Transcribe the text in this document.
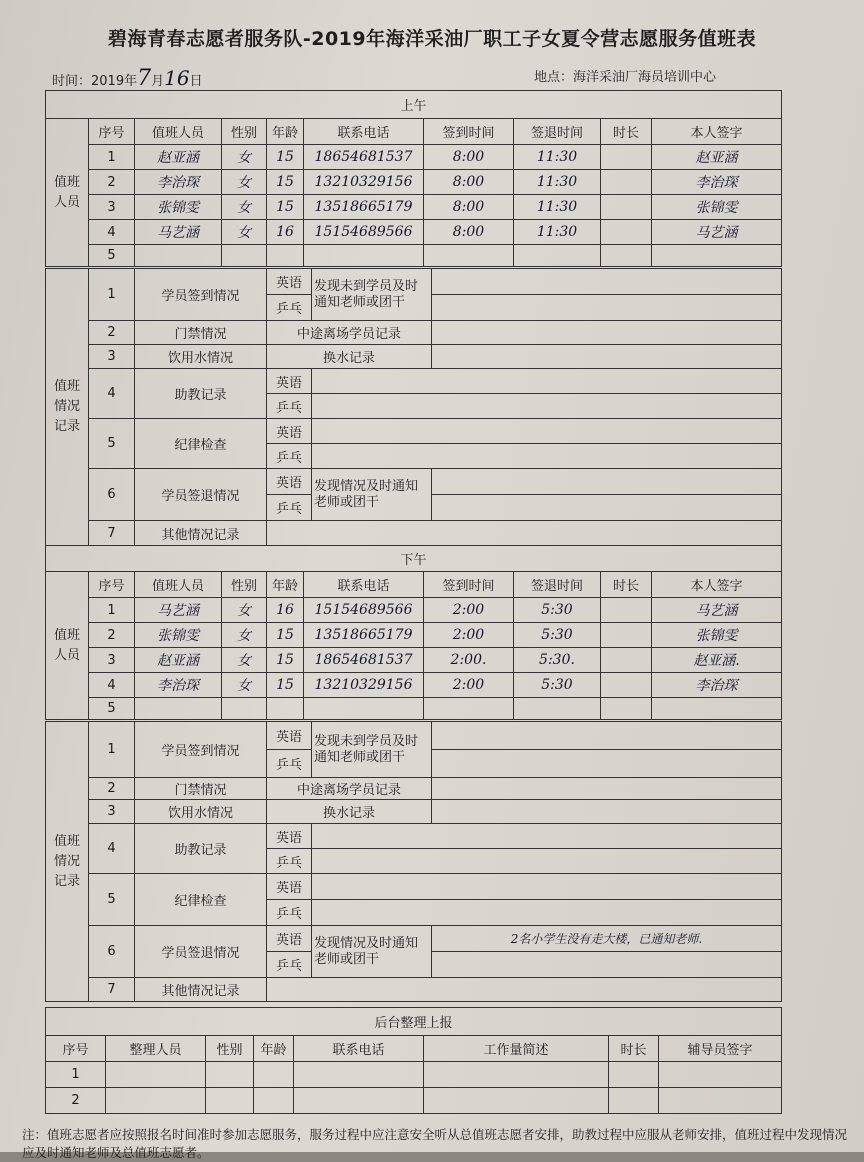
碧海青春志愿者服务队-2019年海洋采油厂职工子女夏令营志愿服务值班表
时间：2019年7月16日	地点：海洋采油厂海员培训中心
上午									
值班人员	序号	值班人员	性别	年龄	联系电话	签到时间	签退时间	时长	本人签字
	1	赵亚涵	女	15	18654681537	8:00	11:30		赵亚涵
	2	李治琛	女	15	13210329156	8:00	11:30		李治琛
	3	张锦雯	女	15	13518665179	8:00	11:30		张锦雯
	4	马艺涵	女	16	15154689566	8:00	11:30		马艺涵
	5								
值班情况记录	1	学员签到情况	英语	发现未到学员及时通知老师或团干	
			乒乓		
	2	门禁情况	中途离场学员记录		
	3	饮用水情况	换水记录		
	4	助教记录	英语		
			乒乓		
	5	纪律检查	英语		
			乒乓		
	6	学员签退情况	英语	发现情况及时通知老师或团干	
			乒乓		
	7	其他情况记录			
下午									
值班人员	序号	值班人员	性别	年龄	联系电话	签到时间	签退时间	时长	本人签字
	1	马艺涵	女	16	15154689566	2:00	5:30		马艺涵
	2	张锦雯	女	15	13518665179	2:00	5:30		张锦雯
	3	赵亚涵	女	15	18654681537	2:00.	5:30.		赵亚涵.
	4	李治琛	女	15	13210329156	2:00	5:30		李治琛
	5								
值班情况记录	1	学员签到情况	英语	发现未到学员及时通知老师或团干	
			乒乓		
	2	门禁情况	中途离场学员记录		
	3	饮用水情况	换水记录		
	4	助教记录	英语		
			乒乓		
	5	纪律检查	英语		
			乒乓		
	6	学员签退情况	英语	发现情况及时通知老师或团干	2名小学生没有走大楼，已通知老师.
			乒乓		
	7	其他情况记录			
后台整理上报							
序号	整理人员	性别	年龄	联系电话	工作量简述	时长	辅导员签字
1							
2							
注：值班志愿者应按照报名时间准时参加志愿服务，服务过程中应注意安全听从总值班志愿者安排，助教过程中应服从老师安排，值班过程中发现情况应及时通知老师及总值班志愿者。
